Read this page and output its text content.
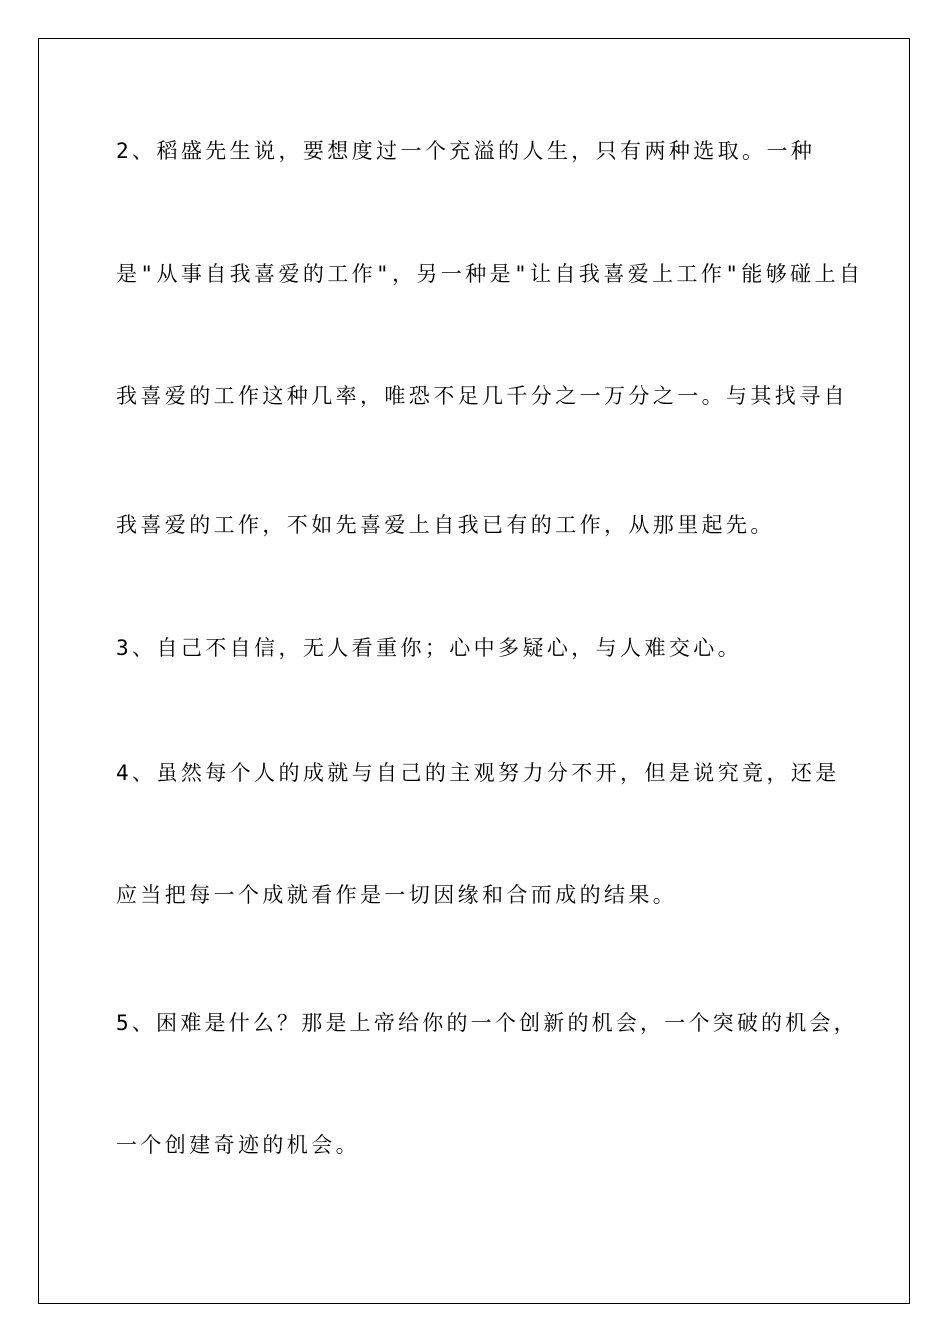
2、稻盛先生说，要想度过一个充溢的人生，只有两种选取。一种

是"从事自我喜爱的工作"，另一种是"让自我喜爱上工作"能够碰上自

我喜爱的工作这种几率，唯恐不足几千分之一万分之一。与其找寻自

我喜爱的工作，不如先喜爱上自我已有的工作，从那里起先。

3、自己不自信，无人看重你；心中多疑心，与人难交心。

4、虽然每个人的成就与自己的主观努力分不开，但是说究竟，还是

应当把每一个成就看作是一切因缘和合而成的结果。

5、困难是什么？那是上帝给你的一个创新的机会，一个突破的机会，

一个创建奇迹的机会。
